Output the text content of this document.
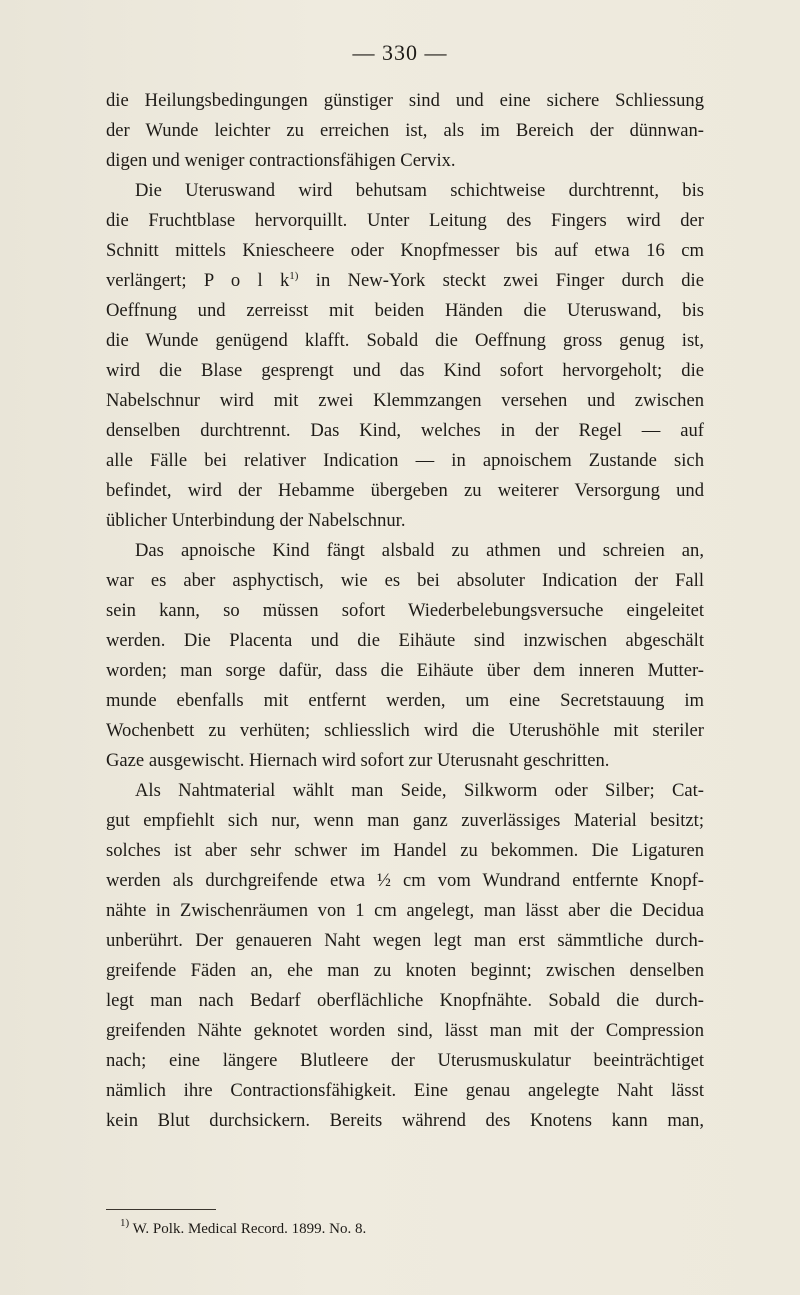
— 330 —
die Heilungsbedingungen günstiger sind und eine sichere Schliessung
der Wunde leichter zu erreichen ist, als im Bereich der dünnwan-
digen und weniger contractionsfähigen Cervix.
Die Uteruswand wird behutsam schichtweise durchtrennt, bis
die Fruchtblase hervorquillt. Unter Leitung des Fingers wird der
Schnitt mittels Kniescheere oder Knopfmesser bis auf etwa 16 cm
verlängert; P o l $k^{1)}$ in New-York steckt zwei Finger durch die
Oeffnung und zerreisst mit beiden Händen die Uteruswand, bis
die Wunde genügend klafft. Sobald die Oeffnung gross genug ist,
wird die Blase gesprengt und das Kind sofort hervorgeholt; die
Nabelschnur wird mit zwei Klemmzangen versehen und zwischen
denselben durchtrennt. Das Kind, welches in der Regel — auf
alle Fälle bei relativer Indication — in apnoischem Zustande sich
befindet, wird der Hebamme übergeben zu weiterer Versorgung und
üblicher Unterbindung der Nabelschnur.
Das apnoische Kind fängt alsbald zu athmen und schreien an,
war es aber asphyctisch, wie es bei absoluter Indication der Fall
sein kann, so müssen sofort Wiederbelebungsversuche eingeleitet
werden. Die Placenta und die Eihäute sind inzwischen abgeschält
worden; man sorge dafür, dass die Eihäute über dem inneren Mutter-
munde ebenfalls mit entfernt werden, um eine Secretstauung im
Wochenbett zu verhüten; schliesslich wird die Uterushöhle mit steriler
Gaze ausgewischt. Hiernach wird sofort zur Uterusnaht geschritten.
Als Nahtmaterial wählt man Seide, Silkworm oder Silber; Cat-
gut empfiehlt sich nur, wenn man ganz zuverlässiges Material besitzt;
solches ist aber sehr schwer im Handel zu bekommen. Die Ligaturen
werden als durchgreifende etwa ½ cm vom Wundrand entfernte Knopf-
nähte in Zwischenräumen von 1 cm angelegt, man lässt aber die Decidua
unberührt. Der genaueren Naht wegen legt man erst sämmtliche durch-
greifende Fäden an, ehe man zu knoten beginnt; zwischen denselben
legt man nach Bedarf oberflächliche Knopfnähte. Sobald die durch-
greifenden Nähte geknotet worden sind, lässt man mit der Compression
nach; eine längere Blutleere der Uterusmuskulatur beeinträchtiget
nämlich ihre Contractionsfähigkeit. Eine genau angelegte Naht lässt
kein Blut durchsickern. Bereits während des Knotens kann man,
$^{1)}$ W. Polk. Medical Record. 1899. No. 8.
